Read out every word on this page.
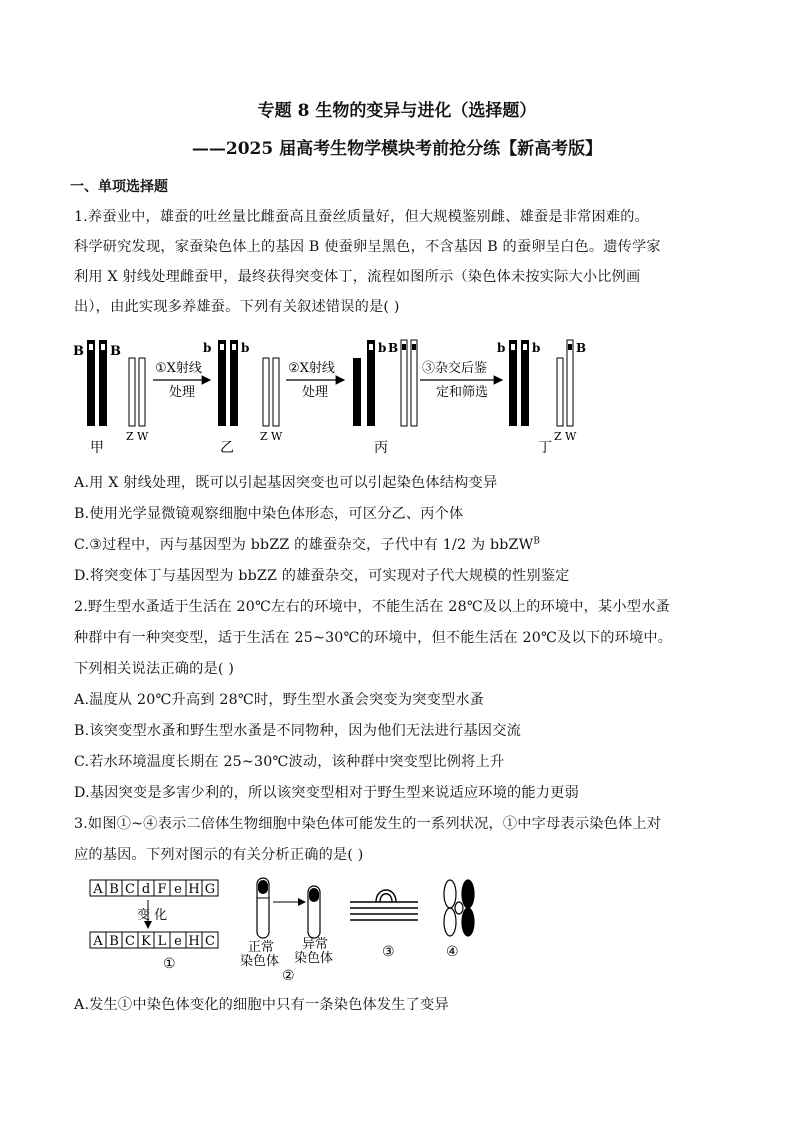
专题 8 生物的变异与进化（选择题）
——2025 届高考生物学模块考前抢分练【新高考版】
一、单项选择题
1.养蚕业中，雄蚕的吐丝量比雌蚕高且蚕丝质量好，但大规模鉴别雌、雄蚕是非常困难的。
科学研究发现，家蚕染色体上的基因 B 使蚕卵呈黑色，不含基因 B 的蚕卵呈白色。遗传学家
利用 X 射线处理雌蚕甲，最终获得突变体丁，流程如图所示（染色体未按实际大小比例画
出），由此实现多养雄蚕。下列有关叙述错误的是( )
B B
Z W
甲
①X射线
处理
b
b
Z W
乙
②X射线
处理
b B
丙
③杂交后鉴
定和筛选
b b	B
Z W
丁
A.用 X 射线处理，既可以引起基因突变也可以引起染色体结构变异
B.使用光学显微镜观察细胞中染色体形态，可区分乙、丙个体
C.③过程中，丙与基因型为 bbZZ 的雄蚕杂交，子代中有 1/2 为 bbZW$^B$
D.将突变体丁与基因型为 bbZZ 的雄蚕杂交，可实现对子代大规模的性别鉴定
2.野生型水蚤适于生活在 20℃左右的环境中，不能生活在 28℃及以上的环境中，某小型水蚤
种群中有一种突变型，适于生活在 25~30℃的环境中，但不能生活在 20℃及以下的环境中。
下列相关说法正确的是( )
A.温度从 20℃升高到 28℃时，野生型水蚤会突变为突变型水蚤
B.该突变型水蚤和野生型水蚤是不同物种，因为他们无法进行基因交流
C.若水环境温度长期在 25~30℃波动，该种群中突变型比例将上升
D.基因突变是多害少利的，所以该突变型相对于野生型来说适应环境的能力更弱
3.如图①~④表示二倍体生物细胞中染色体可能发生的一系列状况，①中字母表示染色体上对
应的基因。下列对图示的有关分析正确的是( )
A B C d F e H G
变 化
A B C K L e H C
①
正常
染色体
异常
染色体
②
③	④
A.发生①中染色体变化的细胞中只有一条染色体发生了变异
